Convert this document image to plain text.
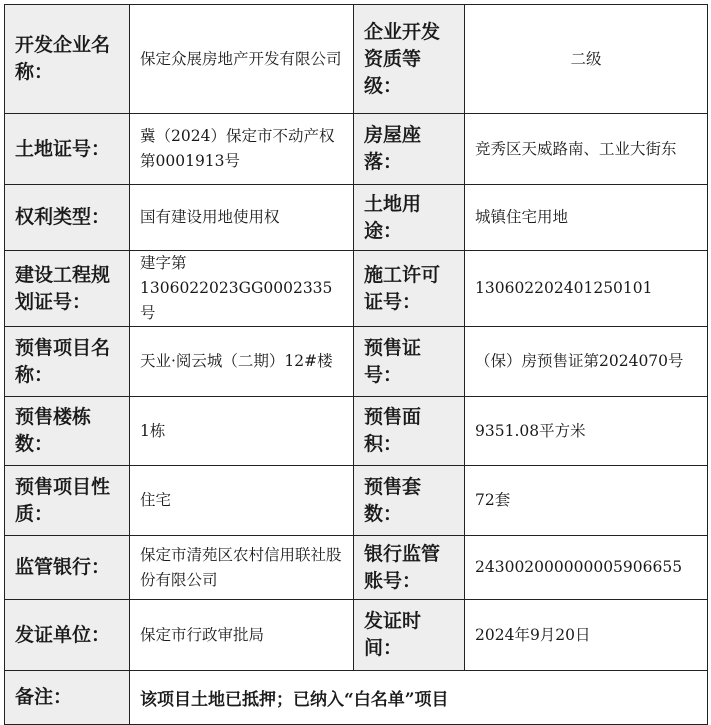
开发企业名称：	保定众展房地产开发有限公司	企业开发资质等级：	二级

土地证号：	冀（2024）保定市不动产权第0001913号	房屋座落：	竞秀区天威路南、工业大街东

权利类型：	国有建设用地使用权	土地用途：	城镇住宅用地

建设工程规划证号：	建字第1306022023GG0002335号	施工许可证号：	130602202401250101

预售项目名称：	天业·阅云城（二期）12#楼	预售证号：	（保）房预售证第2024070号

预售楼栋数：	1栋	预售面积：	9351.08平方米

预售项目性质：	住宅	预售套数：	72套

监管银行：	保定市清苑区农村信用联社股份有限公司	银行监管账号：	243002000000005906655

发证单位：	保定市行政审批局	发证时间：	2024年9月20日

备注：	该项目土地已抵押；已纳入“白名单”项目		
